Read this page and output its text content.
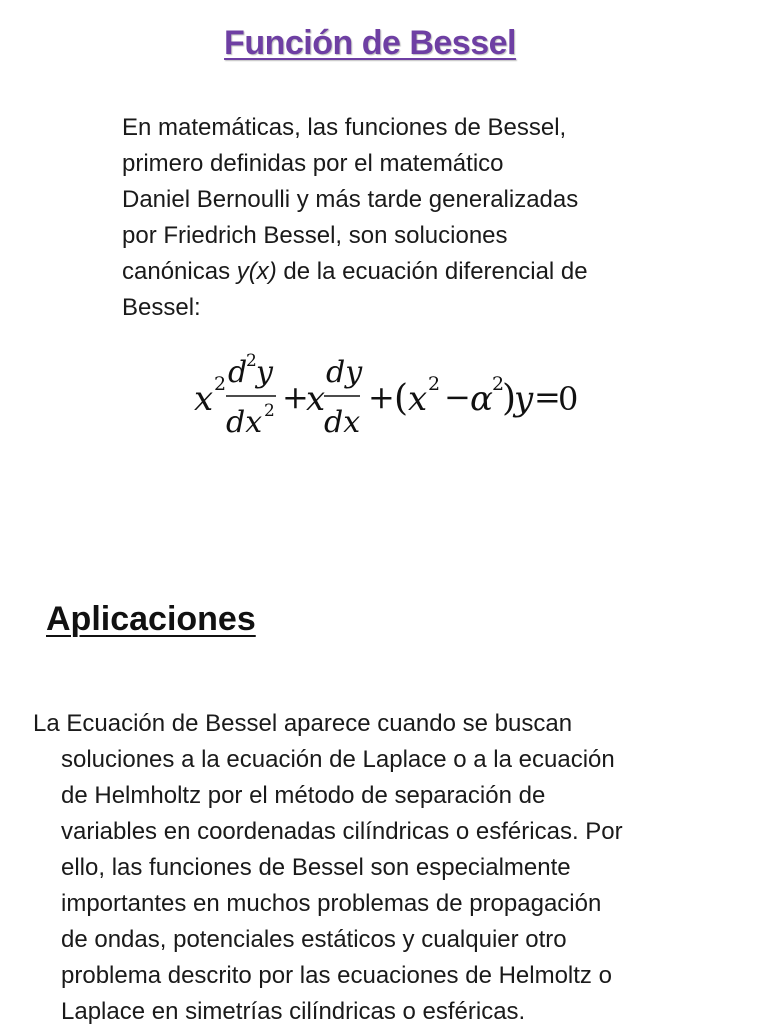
Función de Bessel
En matemáticas, las funciones de Bessel,
primero definidas por el matemático
Daniel Bernoulli y más tarde generalizadas
por Friedrich Bessel, son soluciones
canónicas y(x) de la ecuación diferencial de
Bessel:
x 2 d
2 y
dx 2 +
x
dy
dx
+ ( x 2 − α 2
)
y =
0
Aplicaciones
La Ecuación de Bessel aparece cuando se buscan
soluciones a la ecuación de Laplace o a la ecuación
de Helmholtz por el método de separación de
variables en coordenadas cilíndricas o esféricas. Por
ello, las funciones de Bessel son especialmente
importantes en muchos problemas de propagación
de ondas, potenciales estáticos y cualquier otro
problema descrito por las ecuaciones de Helmoltz o
Laplace en simetrías cilíndricas o esféricas.
